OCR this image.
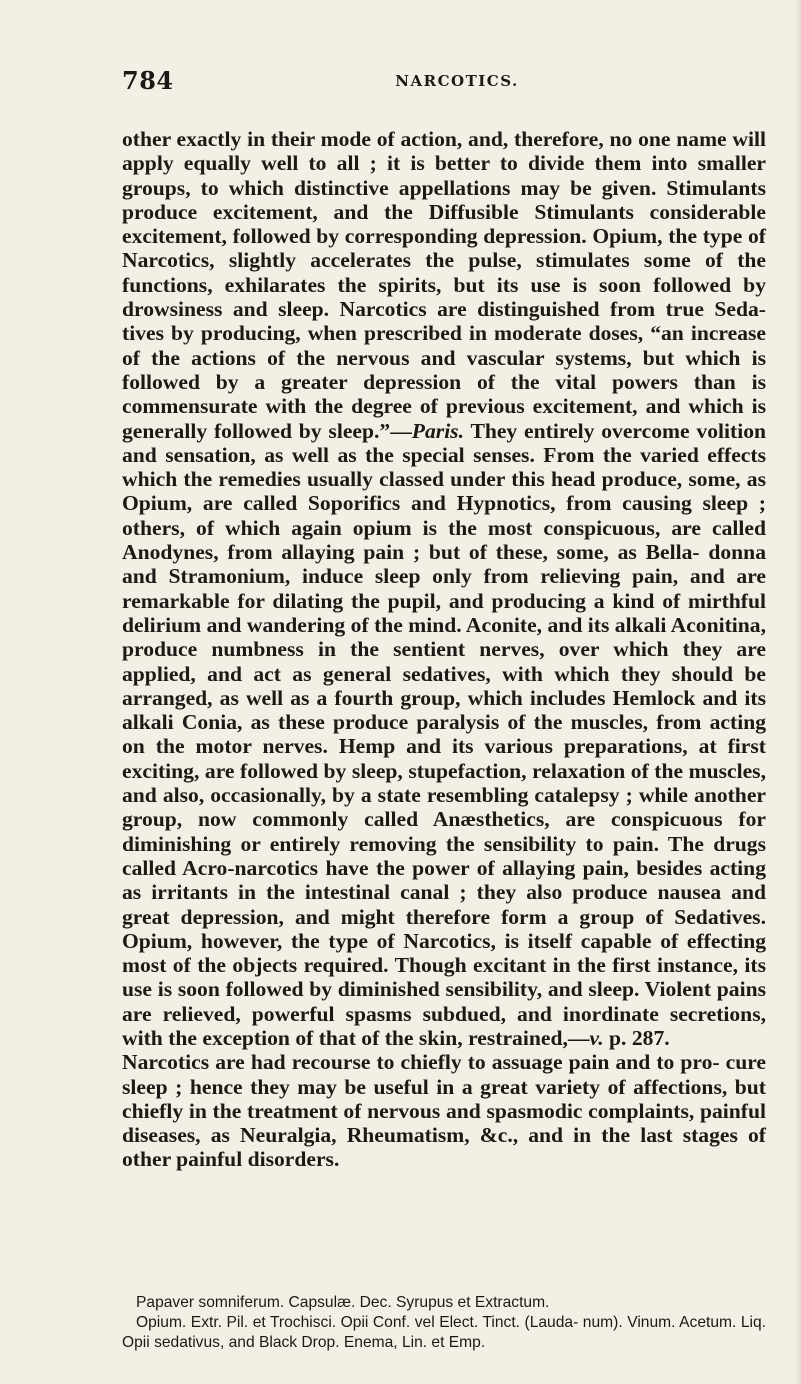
784	NARCOTICS.

other exactly in their mode of action, and, therefore, no one name will apply equally well to all ; it is better to divide them into smaller groups, to which distinctive appellations may be given. Stimulants produce excitement, and the Diffusible Stimulants considerable excitement, followed by corresponding depression. Opium, the type of Narcotics, slightly accelerates the pulse, stimulates some of the functions, exhilarates the spirits, but its use is soon followed by drowsiness and sleep. Narcotics are distinguished from true Seda- tives by producing, when prescribed in moderate doses, “an increase of the actions of the nervous and vascular systems, but which is followed by a greater depression of the vital powers than is commensurate with the degree of previous excitement, and which is generally followed by sleep.”—Paris. They entirely overcome volition and sensation, as well as the special senses. From the varied effects which the remedies usually classed under this head produce, some, as Opium, are called Soporifics and Hypnotics, from causing sleep ; others, of which again opium is the most conspicuous, are called Anodynes, from allaying pain ; but of these, some, as Bella- donna and Stramonium, induce sleep only from relieving pain, and are remarkable for dilating the pupil, and producing a kind of mirthful delirium and wandering of the mind. Aconite, and its alkali Aconitina, produce numbness in the sentient nerves, over which they are applied, and act as general sedatives, with which they should be arranged, as well as a fourth group, which includes Hemlock and its alkali Conia, as these produce paralysis of the muscles, from acting on the motor nerves. Hemp and its various preparations, at first exciting, are followed by sleep, stupefaction, relaxation of the muscles, and also, occasionally, by a state resembling catalepsy ; while another group, now commonly called Anæsthetics, are conspicuous for diminishing or entirely removing the sensibility to pain. The drugs called Acro-narcotics have the power of allaying pain, besides acting as irritants in the intestinal canal ; they also produce nausea and great depression, and might therefore form a group of Sedatives. Opium, however, the type of Narcotics, is itself capable of effecting most of the objects required. Though excitant in the first instance, its use is soon followed by diminished sensibility, and sleep. Violent pains are relieved, powerful spasms subdued, and inordinate secretions, with the exception of that of the skin, restrained,—v. p. 287.

Narcotics are had recourse to chiefly to assuage pain and to pro- cure sleep ; hence they may be useful in a great variety of affections, but chiefly in the treatment of nervous and spasmodic complaints, painful diseases, as Neuralgia, Rheumatism, &c., and in the last stages of other painful disorders.

Papaver somniferum. Capsulæ. Dec. Syrupus et Extractum.

Opium. Extr. Pil. et Trochisci. Opii Conf. vel Elect. Tinct. (Lauda- num). Vinum. Acetum. Liq. Opii sedativus, and Black Drop. Enema, Lin. et Emp.
